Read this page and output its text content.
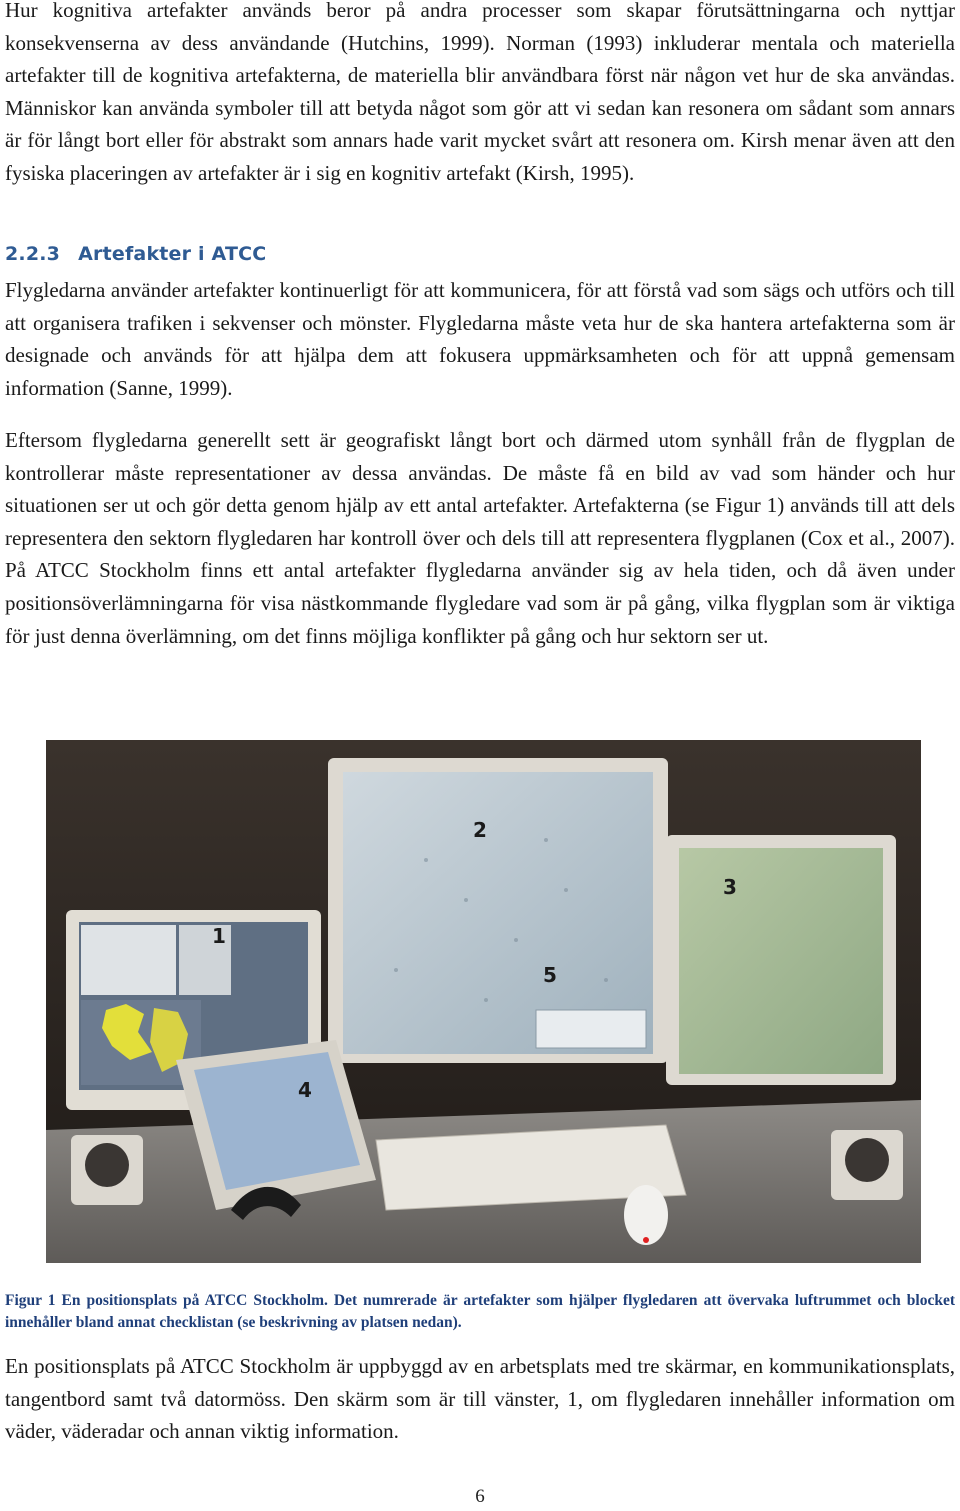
Hur kognitiva artefakter används beror på andra processer som skapar förutsättningarna och nyttjar konsekvenserna av dess användande (Hutchins, 1999). Norman (1993) inkluderar mentala och materiella artefakter till de kognitiva artefakterna, de materiella blir användbara först när någon vet hur de ska användas. Människor kan använda symboler till att betyda något som gör att vi sedan kan resonera om sådant som annars är för långt bort eller för abstrakt som annars hade varit mycket svårt att resonera om. Kirsh menar även att den fysiska placeringen av artefakter är i sig en kognitiv artefakt (Kirsh, 1995).

2.2.3 Artefakter i ATCC

Flygledarna använder artefakter kontinuerligt för att kommunicera, för att förstå vad som sägs och utförs och till att organisera trafiken i sekvenser och mönster. Flygledarna måste veta hur de ska hantera artefakterna som är designade och används för att hjälpa dem att fokusera uppmärksamheten och för att uppnå gemensam information (Sanne, 1999).

Eftersom flygledarna generellt sett är geografiskt långt bort och därmed utom synhåll från de flygplan de kontrollerar måste representationer av dessa användas. De måste få en bild av vad som händer och hur situationen ser ut och gör detta genom hjälp av ett antal artefakter. Artefakterna (se Figur 1) används till att dels representera den sektorn flygledaren har kontroll över och dels till att representera flygplanen (Cox et al., 2007). På ATCC Stockholm finns ett antal artefakter flygledarna använder sig av hela tiden, och då även under positionsöverlämningarna för visa nästkommande flygledare vad som är på gång, vilka flygplan som är viktiga för just denna överlämning, om det finns möjliga konflikter på gång och hur sektorn ser ut.

1
2
3
4
5

Figur 1 En positionsplats på ATCC Stockholm. Det numrerade är artefakter som hjälper flygledaren att övervaka luftrummet och blocket innehåller bland annat checklistan (se beskrivning av platsen nedan).

En positionsplats på ATCC Stockholm är uppbyggd av en arbetsplats med tre skärmar, en kommunikationsplats, tangentbord samt två datormöss. Den skärm som är till vänster, 1, om flygledaren innehåller information om väder, väderadar och annan viktig information.

6
